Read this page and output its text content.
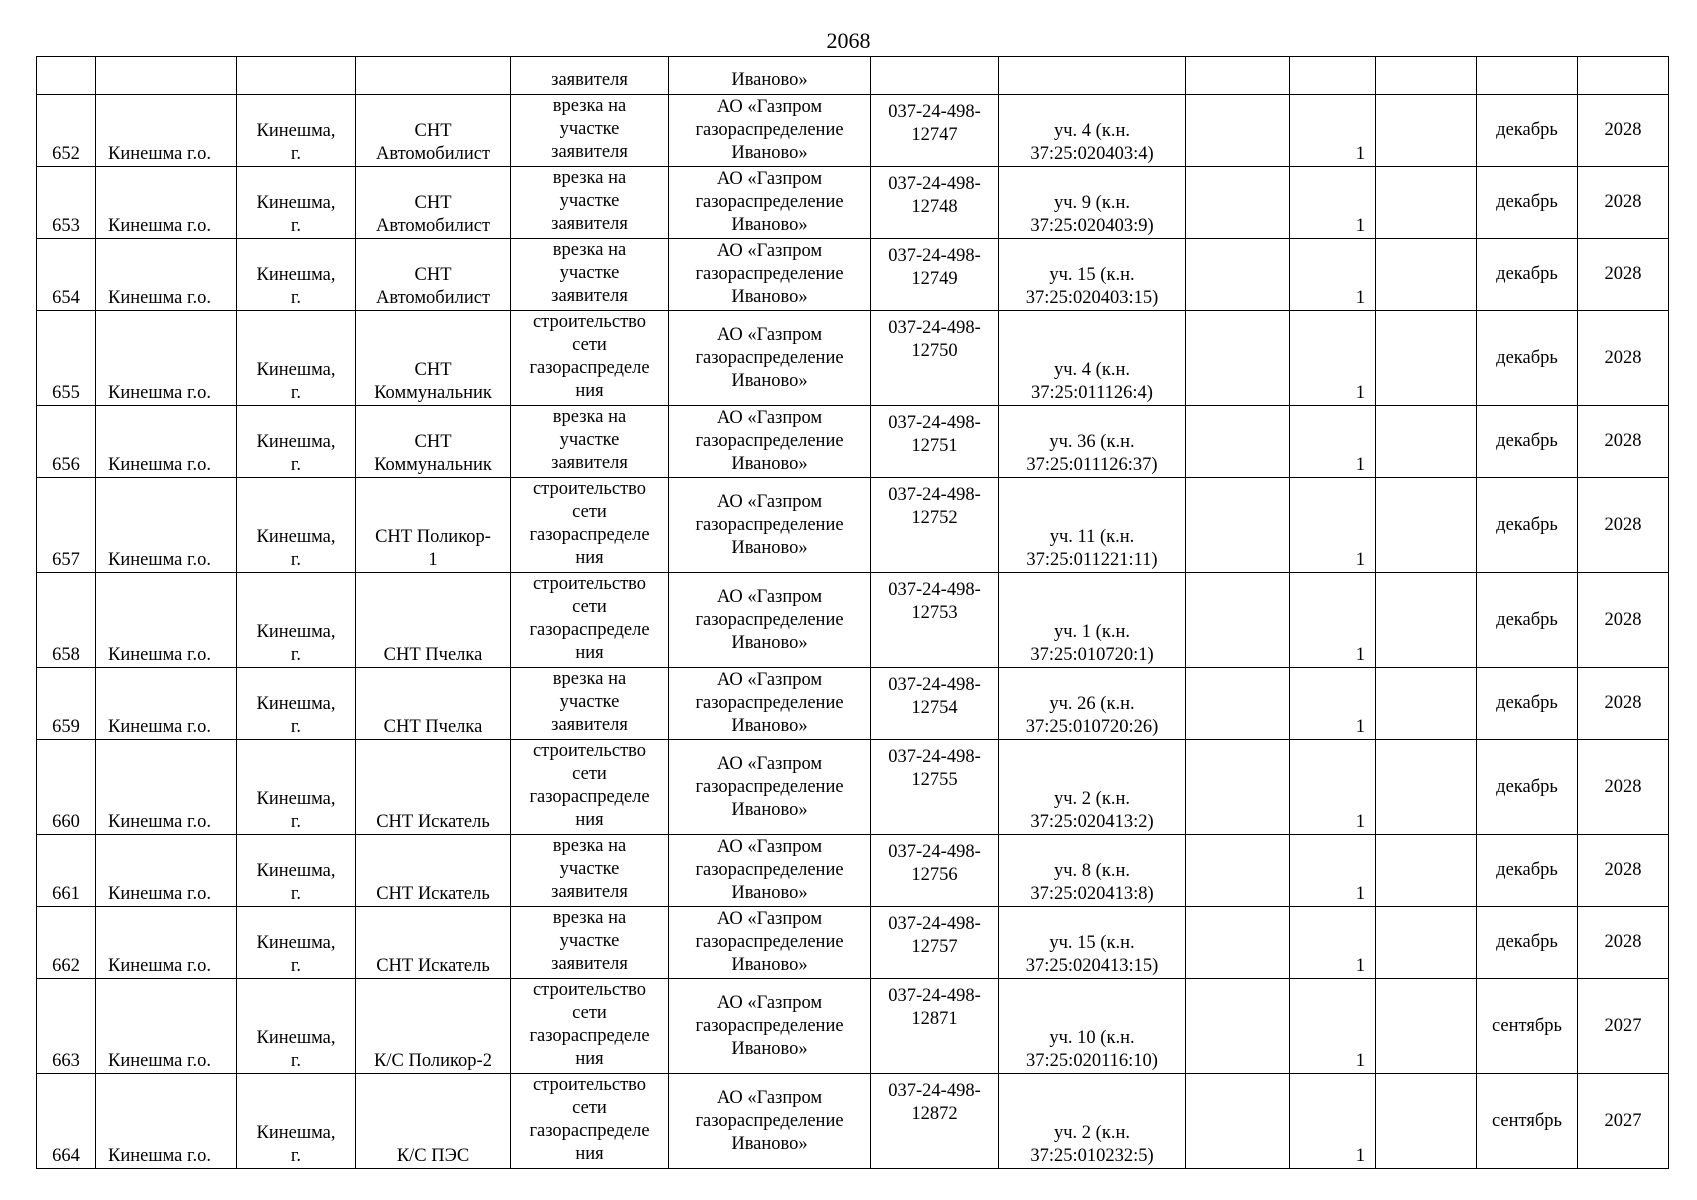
2068
				заявителя	Иваново»							
652	Кинешма г.о.	Кинешма,
г.	СНТ
Автомобилист	врезка на
участке
заявителя	АО «Газпром
газораспределение
Иваново»	037-24-498-
12747	уч. 4 (к.н.
37:25:020403:4)		1		декабрь	2028
653	Кинешма г.о.	Кинешма,
г.	СНТ
Автомобилист	врезка на
участке
заявителя	АО «Газпром
газораспределение
Иваново»	037-24-498-
12748	уч. 9 (к.н.
37:25:020403:9)		1		декабрь	2028
654	Кинешма г.о.	Кинешма,
г.	СНТ
Автомобилист	врезка на
участке
заявителя	АО «Газпром
газораспределение
Иваново»	037-24-498-
12749	уч. 15 (к.н.
37:25:020403:15)		1		декабрь	2028
655	Кинешма г.о.	Кинешма,
г.	СНТ
Коммунальник	строительство
сети
газораспределе
ния	АО «Газпром
газораспределение
Иваново»	037-24-498-
12750	уч. 4 (к.н.
37:25:011126:4)		1		декабрь	2028
656	Кинешма г.о.	Кинешма,
г.	СНТ
Коммунальник	врезка на
участке
заявителя	АО «Газпром
газораспределение
Иваново»	037-24-498-
12751	уч. 36 (к.н.
37:25:011126:37)		1		декабрь	2028
657	Кинешма г.о.	Кинешма,
г.	СНТ Поликор-
1	строительство
сети
газораспределе
ния	АО «Газпром
газораспределение
Иваново»	037-24-498-
12752	уч. 11 (к.н.
37:25:011221:11)		1		декабрь	2028
658	Кинешма г.о.	Кинешма,
г.	СНТ Пчелка	строительство
сети
газораспределе
ния	АО «Газпром
газораспределение
Иваново»	037-24-498-
12753	уч. 1 (к.н.
37:25:010720:1)		1		декабрь	2028
659	Кинешма г.о.	Кинешма,
г.	СНТ Пчелка	врезка на
участке
заявителя	АО «Газпром
газораспределение
Иваново»	037-24-498-
12754	уч. 26 (к.н.
37:25:010720:26)		1		декабрь	2028
660	Кинешма г.о.	Кинешма,
г.	СНТ Искатель	строительство
сети
газораспределе
ния	АО «Газпром
газораспределение
Иваново»	037-24-498-
12755	уч. 2 (к.н.
37:25:020413:2)		1		декабрь	2028
661	Кинешма г.о.	Кинешма,
г.	СНТ Искатель	врезка на
участке
заявителя	АО «Газпром
газораспределение
Иваново»	037-24-498-
12756	уч. 8 (к.н.
37:25:020413:8)		1		декабрь	2028
662	Кинешма г.о.	Кинешма,
г.	СНТ Искатель	врезка на
участке
заявителя	АО «Газпром
газораспределение
Иваново»	037-24-498-
12757	уч. 15 (к.н.
37:25:020413:15)		1		декабрь	2028
663	Кинешма г.о.	Кинешма,
г.	К/С Поликор-2	строительство
сети
газораспределе
ния	АО «Газпром
газораспределение
Иваново»	037-24-498-
12871	уч. 10 (к.н.
37:25:020116:10)		1		сентябрь	2027
664	Кинешма г.о.	Кинешма,
г.	К/С ПЭС	строительство
сети
газораспределе
ния	АО «Газпром
газораспределение
Иваново»	037-24-498-
12872	уч. 2 (к.н.
37:25:010232:5)		1		сентябрь	2027
